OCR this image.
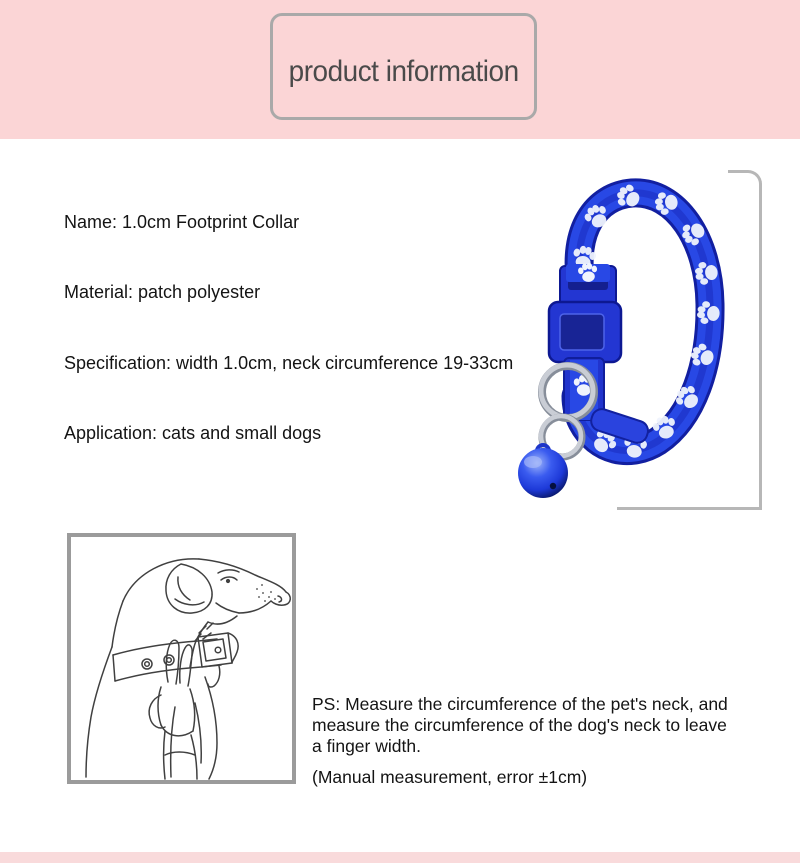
product information
Name: 1.0cm Footprint Collar
Material: patch polyester
Specification: width 1.0cm, neck circumference 19-33cm
Application: cats and small dogs
PS: Measure the circumference of the pet's neck, and
measure the circumference of the dog's neck to leave
a finger width.
(Manual measurement, error ±1cm)
